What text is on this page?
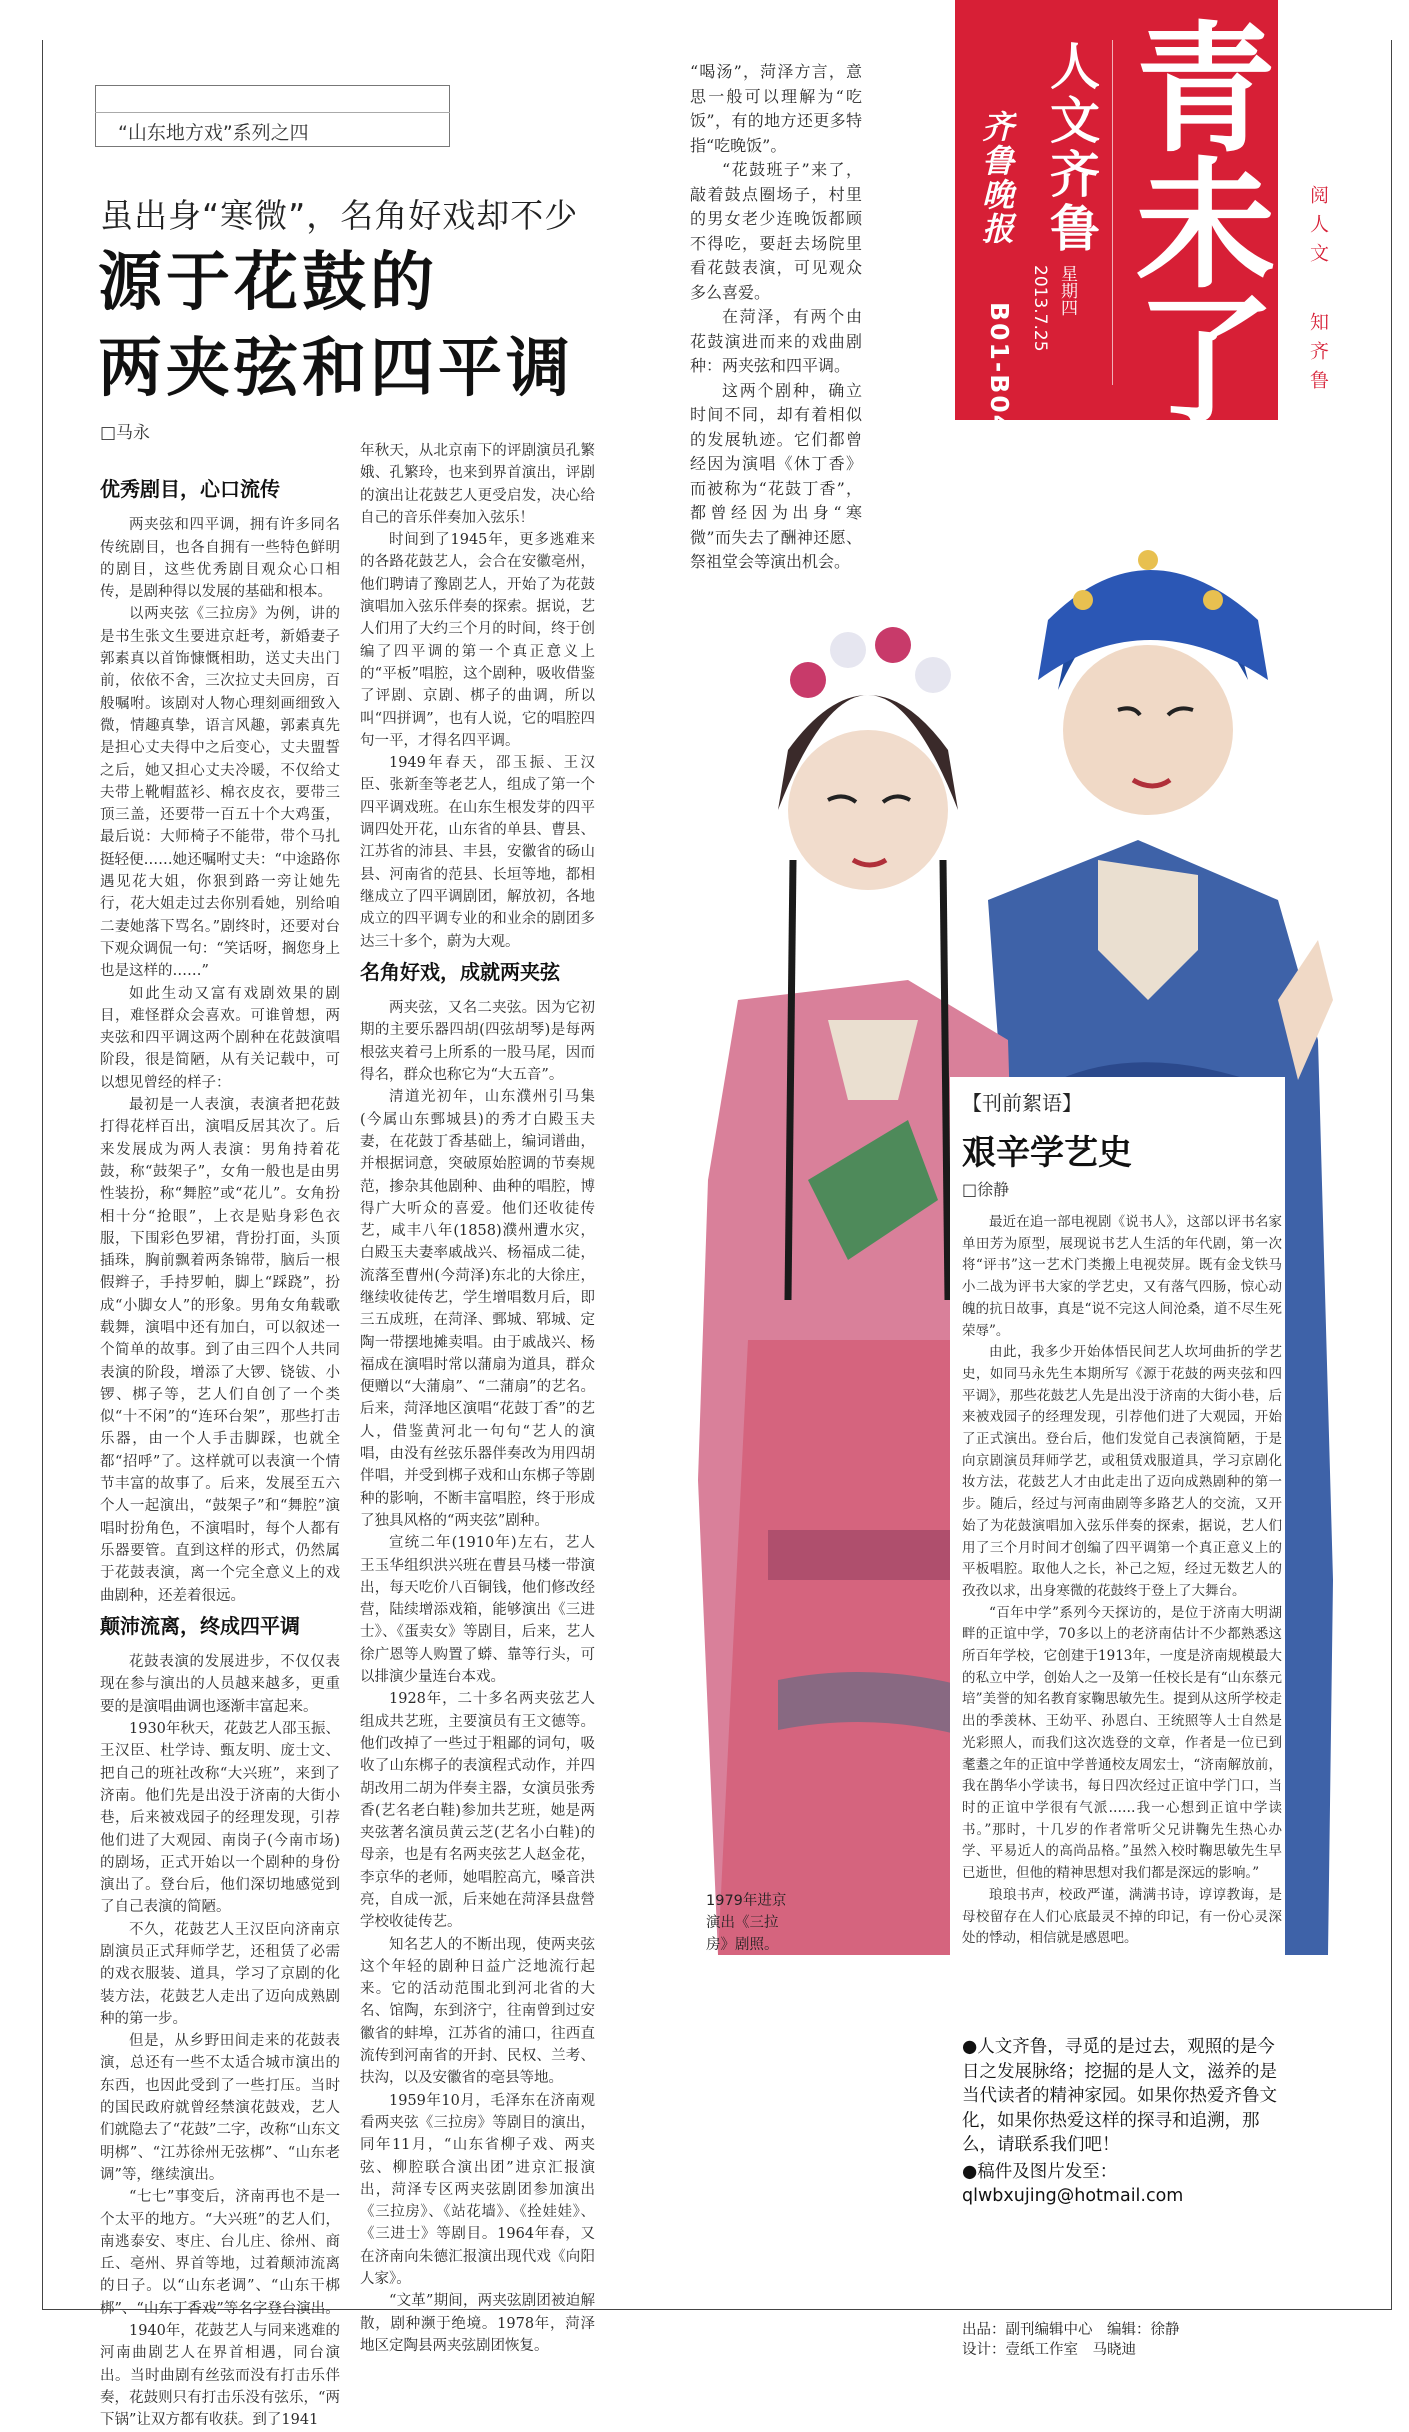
“山东地方戏”系列之四
虽出身“寒微”，名角好戏却不少
源于花鼓的
两夹弦和四平调
□马永
优秀剧目，心口流传

两夹弦和四平调，拥有许多同名传统剧目，也各自拥有一些特色鲜明的剧目，这些优秀剧目观众心口相传，是剧种得以发展的基础和根本。

以两夹弦《三拉房》为例，讲的是书生张文生要进京赶考，新婚妻子郭素真以首饰慷慨相助，送丈夫出门前，依依不舍，三次拉丈夫回房，百般嘱咐。该剧对人物心理刻画细致入微，情趣真挚，语言风趣，郭素真先是担心丈夫得中之后变心，丈夫盟誓之后，她又担心丈夫冷暖，不仅给丈夫带上靴帽蓝衫、棉衣皮衣，要带三顶三盖，还要带一百五十个大鸡蛋，最后说：大师椅子不能带，带个马扎挺轻便……她还嘱咐丈夫：“中途路你遇见花大姐，你狠到路一旁让她先行，花大姐走过去你别看她，别给咱二妻她落下骂名。”剧终时，还要对台下观众调侃一句：“笑话呀，搁您身上也是这样的……”

如此生动又富有戏剧效果的剧目，难怪群众会喜欢。可谁曾想，两夹弦和四平调这两个剧种在花鼓演唱阶段，很是简陋，从有关记载中，可以想见曾经的样子：

最初是一人表演，表演者把花鼓打得花样百出，演唱反居其次了。后来发展成为两人表演：男角持着花鼓，称“鼓架子”，女角一般也是由男性装扮，称“舞腔”或“花儿”。女角扮相十分“抢眼”，上衣是贴身彩色衣服，下围彩色罗裙，背扮打面，头顶插珠，胸前飘着两条锦带，脑后一根假辫子，手持罗帕，脚上“踩跷”，扮成“小脚女人”的形象。男角女角载歌载舞，演唱中还有加白，可以叙述一个简单的故事。到了由三四个人共同表演的阶段，增添了大锣、铙钹、小锣、梆子等，艺人们自创了一个类似“十不闲”的“连环台架”，那些打击乐器，由一个人手击脚踩，也就全都“招呼”了。这样就可以表演一个情节丰富的故事了。后来，发展至五六个人一起演出，“鼓架子”和“舞腔”演唱时扮角色，不演唱时，每个人都有乐器要管。直到这样的形式，仍然属于花鼓表演，离一个完全意义上的戏曲剧种，还差着很远。

颠沛流离，终成四平调

花鼓表演的发展进步，不仅仅表现在参与演出的人员越来越多，更重要的是演唱曲调也逐渐丰富起来。

1930年秋天，花鼓艺人邵玉振、王汉臣、杜学诗、甄友明、庞士文、把自己的班社改称“大兴班”，来到了济南。他们先是出没于济南的大街小巷，后来被戏园子的经理发现，引荐他们进了大观园、南岗子(今南市场)的剧场，正式开始以一个剧种的身份演出了。登台后，他们深切地感觉到了自己表演的简陋。

不久，花鼓艺人王汉臣向济南京剧演员正式拜师学艺，还租赁了必需的戏衣服装、道具，学习了京剧的化装方法，花鼓艺人走出了迈向成熟剧种的第一步。

但是，从乡野田间走来的花鼓表演，总还有一些不太适合城市演出的东西，也因此受到了一些打压。当时的国民政府就曾经禁演花鼓戏，艺人们就隐去了“花鼓”二字，改称“山东文明梆”、“江苏徐州无弦梆”、“山东老调”等，继续演出。

“七七”事变后，济南再也不是一个太平的地方。“大兴班”的艺人们，南逃泰安、枣庄、台儿庄、徐州、商丘、亳州、界首等地，过着颠沛流离的日子。以“山东老调”、“山东干梆梆”、“山东丁香戏”等名字登台演出。

1940年，花鼓艺人与同来逃难的河南曲剧艺人在界首相遇，同台演出。当时曲剧有丝弦而没有打击乐伴奏，花鼓则只有打击乐没有弦乐，“两下锅”让双方都有收获。到了1941

年秋天，从北京南下的评剧演员孔繁娥、孔繁玲，也来到界首演出，评剧的演出让花鼓艺人更受启发，决心给自己的音乐伴奏加入弦乐！

时间到了1945年，更多逃难来的各路花鼓艺人，会合在安徽亳州，他们聘请了豫剧艺人，开始了为花鼓演唱加入弦乐伴奏的探索。据说，艺人们用了大约三个月的时间，终于创编了四平调的第一个真正意义上的“平板”唱腔，这个剧种，吸收借鉴了评剧、京剧、梆子的曲调，所以叫“四拼调”，也有人说，它的唱腔四句一平，才得名四平调。

1949年春天，邵玉振、王汉臣、张新奎等老艺人，组成了第一个四平调戏班。在山东生根发芽的四平调四处开花，山东省的单县、曹县、江苏省的沛县、丰县，安徽省的砀山县、河南省的范县、长垣等地，都相继成立了四平调剧团，解放初，各地成立的四平调专业的和业余的剧团多达三十多个，蔚为大观。

名角好戏，成就两夹弦

两夹弦，又名二夹弦。因为它初期的主要乐器四胡(四弦胡琴)是每两根弦夹着弓上所系的一股马尾，因而得名，群众也称它为“大五音”。

清道光初年，山东濮州引马集(今属山东鄄城县)的秀才白殿玉夫妻，在花鼓丁香基础上，编词谱曲，并根据词意，突破原始腔调的节奏规范，掺杂其他剧种、曲种的唱腔，博得广大听众的喜爱。他们还收徒传艺，咸丰八年(1858)濮州遭水灾，白殿玉夫妻率戚战兴、杨福成二徒，流落至曹州(今菏泽)东北的大徐庄，继续收徒传艺，学生增唱数月后，即三五成班，在菏泽、鄄城、郓城、定陶一带摆地摊卖唱。由于戚战兴、杨福成在演唱时常以蒲扇为道具，群众便赠以“大蒲扇”、“二蒲扇”的艺名。后来，菏泽地区演唱“花鼓丁香”的艺人，借鉴黄河北一句句“艺人的演唱，由没有丝弦乐器伴奏改为用四胡伴唱，并受到梆子戏和山东梆子等剧种的影响，不断丰富唱腔，终于形成了独具风格的“两夹弦”剧种。

宣统二年(1910年)左右，艺人王玉华组织洪兴班在曹县马楼一带演出，每天吃价八百铜钱，他们修改经营，陆续增添戏箱，能够演出《三进士》、《蛋卖女》等剧目，后来，艺人徐广恩等人购置了蟒、靠等行头，可以排演少量连台本戏。

1928年，二十多名两夹弦艺人组成共艺班，主要演员有王文德等。他们改掉了一些过于粗鄙的词句，吸收了山东梆子的表演程式动作，并四胡改用二胡为伴奏主器，女演员张秀香(艺名老白鞋)参加共艺班，她是两夹弦著名演员黄云芝(艺名小白鞋)的母亲，也是有名两夹弦艺人赵金花，李京华的老师，她唱腔高亢，嗓音洪亮，自成一派，后来她在菏泽县盘營学校收徒传艺。

知名艺人的不断出现，使两夹弦这个年轻的剧种日益广泛地流行起来。它的活动范围北到河北省的大名、馆陶，东到济宁，往南曾到过安徽省的蚌埠，江苏省的浦口，往西直流传到河南省的开封、民权、兰考、扶沟，以及安徽省的亳县等地。

1959年10月，毛泽东在济南观看两夹弦《三拉房》等剧目的演出，同年11月，“山东省柳子戏、两夹弦、柳腔联合演出团”进京汇报演出，菏泽专区两夹弦剧团参加演出《三拉房》、《站花墙》、《拴娃娃》、《三进士》等剧目。1964年春，又在济南向朱德汇报演出现代戏《向阳人家》。

“文革”期间，两夹弦剧团被迫解散，剧种濒于绝境。1978年，菏泽地区定陶县两夹弦剧团恢复。

“喝汤”，菏泽方言，意思一般可以理解为“吃饭”，有的地方还更多特指“吃晚饭”。

“花鼓班子”来了，敲着鼓点圈场子，村里的男女老少连晚饭都顾不得吃，要赶去场院里看花鼓表演，可见观众多么喜爱。

在菏泽，有两个由花鼓演进而来的戏曲剧种：两夹弦和四平调。

这两个剧种，确立时间不同，却有着相似的发展轨迹。它们都曾经因为演唱《休丁香》而被称为“花鼓丁香”，都曾经因为出身“寒微”而失去了酬神还愿、祭祖堂会等演出机会。

青未了
人文齐鲁
齐鲁晚报
星期四
2013.7.25
B01-B04
阅人文
知齐鲁
1979年进京演出《三拉房》剧照。
【刊前絮语】
艰辛学艺史
□徐静

最近在追一部电视剧《说书人》，这部以评书名家单田芳为原型，展现说书艺人生活的年代剧，第一次将“评书”这一艺术门类搬上电视荧屏。既有金戈铁马小二战为评书大家的学艺史，又有落气四肠，惊心动魄的抗日故事，真是“说不完这人间沧桑，道不尽生死荣辱”。

由此，我多少开始体悟民间艺人坎坷曲折的学艺史，如同马永先生本期所写《源于花鼓的两夹弦和四平调》，那些花鼓艺人先是出没于济南的大街小巷，后来被戏园子的经理发现，引荐他们进了大观园，开始了正式演出。登台后，他们发觉自己表演简陋，于是向京剧演员拜师学艺，或租赁戏服道具，学习京剧化妆方法，花鼓艺人才由此走出了迈向成熟剧种的第一步。随后，经过与河南曲剧等多路艺人的交流，又开始了为花鼓演唱加入弦乐伴奏的探索，据说，艺人们用了三个月时间才创编了四平调第一个真正意义上的平板唱腔。取他人之长，补己之短，经过无数艺人的孜孜以求，出身寒微的花鼓终于登上了大舞台。

“百年中学”系列今天探访的，是位于济南大明湖畔的正谊中学，70多以上的老济南估计不少都熟悉这所百年学校，它创建于1913年，一度是济南规模最大的私立中学，创始人之一及第一任校长是有“山东蔡元培”美誉的知名教育家鞠思敏先生。提到从这所学校走出的季羡林、王幼平、孙恩白、王统照等人士自然是光彩照人，而我们这次选登的文章，作者是一位已到耄耋之年的正谊中学普通校友周宏士，“济南解放前，我在鹊华小学读书，每日四次经过正谊中学门口，当时的正谊中学很有气派……我一心想到正谊中学读书。”那时，十几岁的作者常听父兄讲鞠先生热心办学、平易近人的高尚品格。”虽然入校时鞠思敏先生早已逝世，但他的精神思想对我们都是深远的影响。”

琅琅书声，校政严谨，满满书诗，谆谆教诲，是母校留存在人们心底最灵不掉的印记，有一份心灵深处的悸动，相信就是感恩吧。

●人文齐鲁，寻觅的是过去，观照的是今日之发展脉络；挖掘的是人文，滋养的是当代读者的精神家园。如果你热爱齐鲁文化，如果你热爱这样的探寻和追溯，那么，请联系我们吧！

●稿件及图片发至：qlwbxujing@hotmail.com

出品：副刊编辑中心　编辑：徐静
设计：壹纸工作室　马晓迪
